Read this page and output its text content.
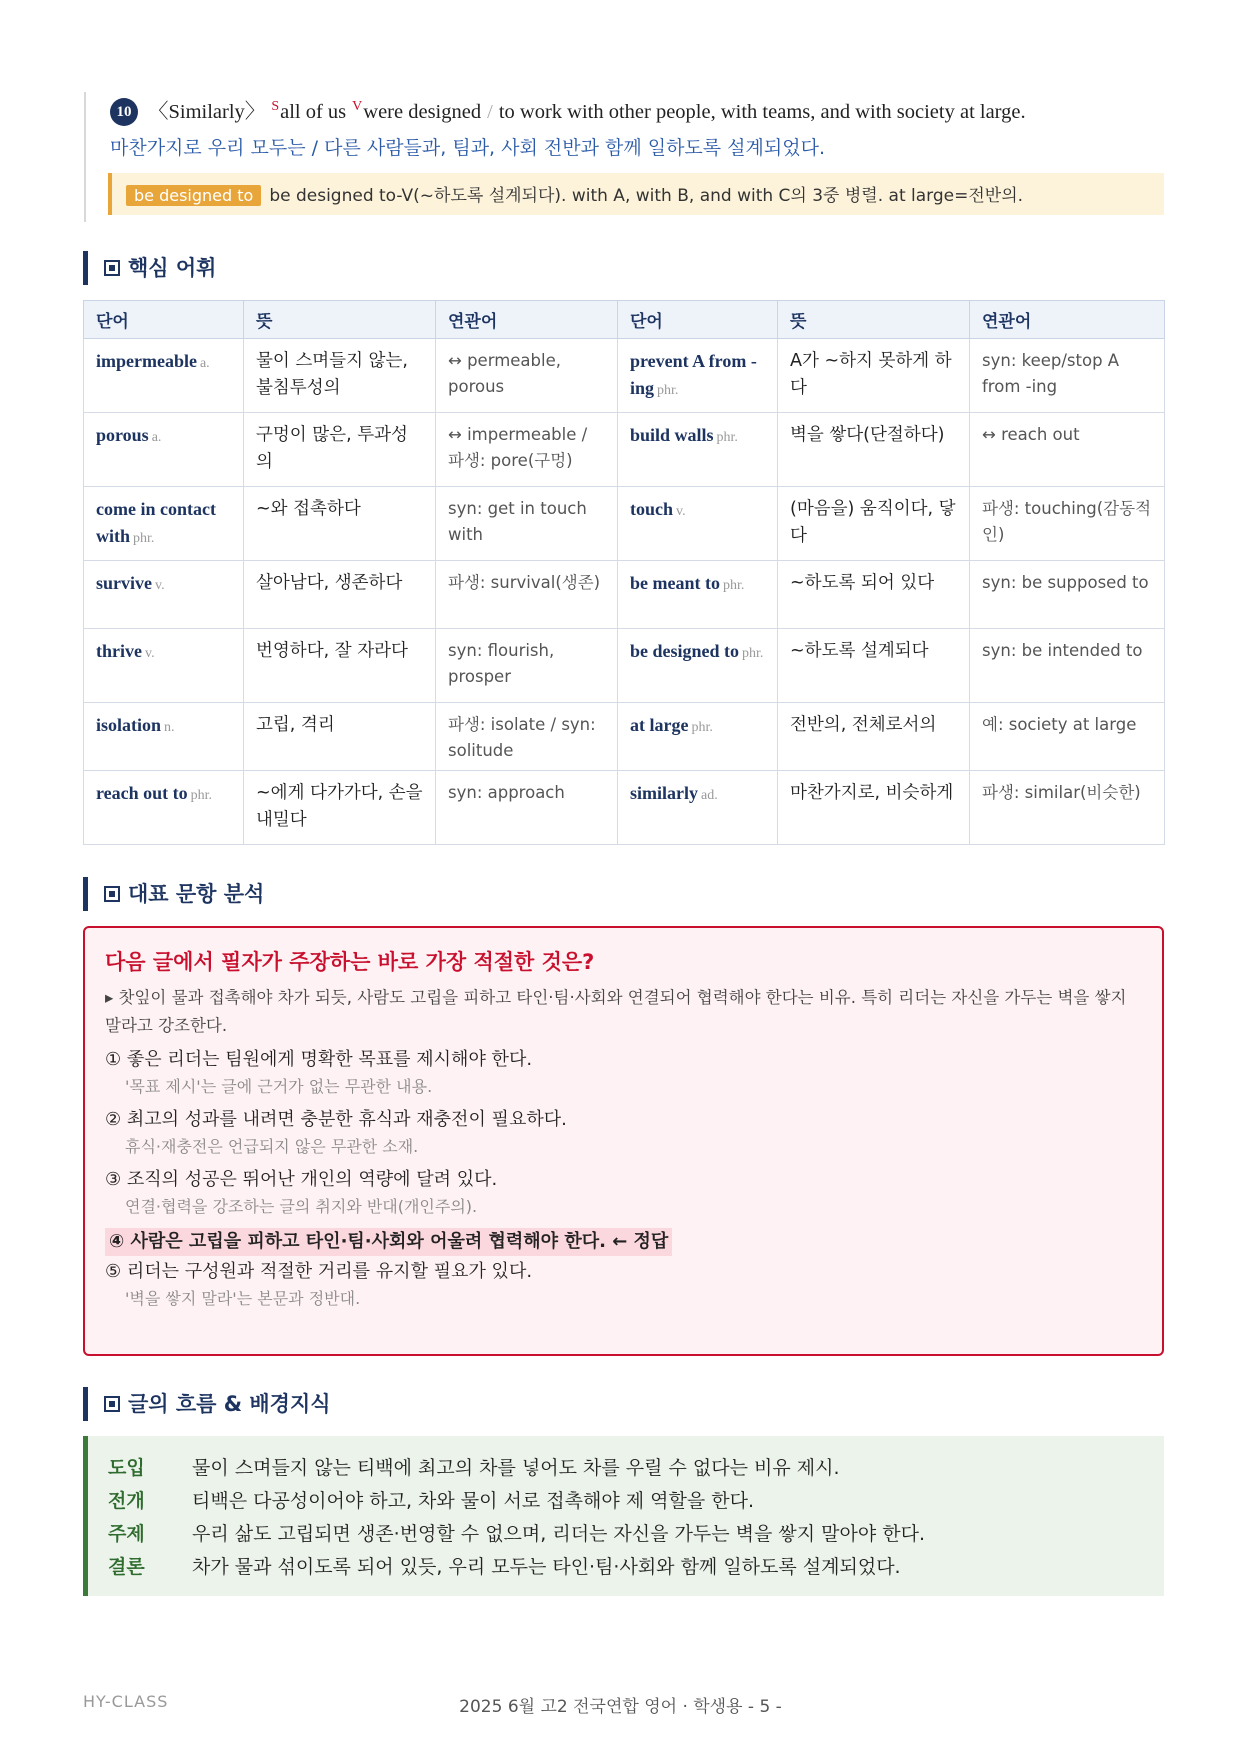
10 〈Similarly〉 $^S$all of us $^V$were designed / to work with other people, with teams, and with society at large.
마찬가지로 우리 모두는 / 다른 사람들과, 팀과, 사회 전반과 함께 일하도록 설계되었다.
be designed to be designed to-V(~하도록 설계되다). with A, with B, and with C의 3중 병렬. at large=전반의.
핵심 어휘
단어	뜻	연관어	단어	뜻	연관어
impermeable a.	물이 스며들지 않는, 불침투성의	↔ permeable, porous	prevent A from -ing phr.	A가 ~하지 못하게 하다	syn: keep/stop A from -ing
porous a.	구멍이 많은, 투과성의	↔ impermeable / 파생: pore(구멍)	build walls phr.	벽을 쌓다(단절하다)	↔ reach out
come in contact with phr.	~와 접촉하다	syn: get in touch with	touch v.	(마음을) 움직이다, 닿다	파생: touching(감동적인)
survive v.	살아남다, 생존하다	파생: survival(생존)	be meant to phr.	~하도록 되어 있다	syn: be supposed to
thrive v.	번영하다, 잘 자라다	syn: flourish, prosper	be designed to phr.	~하도록 설계되다	syn: be intended to
isolation n.	고립, 격리	파생: isolate / syn: solitude	at large phr.	전반의, 전체로서의	예: society at large
reach out to phr.	~에게 다가가다, 손을 내밀다	syn: approach	similarly ad.	마찬가지로, 비슷하게	파생: similar(비슷한)
대표 문항 분석
다음 글에서 필자가 주장하는 바로 가장 적절한 것은?
▸ 찻잎이 물과 접촉해야 차가 되듯, 사람도 고립을 피하고 타인·팀·사회와 연결되어 협력해야 한다는 비유. 특히 리더는 자신을 가두는 벽을 쌓지 말라고 강조한다.
① 좋은 리더는 팀원에게 명확한 목표를 제시해야 한다.
'목표 제시'는 글에 근거가 없는 무관한 내용.
② 최고의 성과를 내려면 충분한 휴식과 재충전이 필요하다.
휴식·재충전은 언급되지 않은 무관한 소재.
③ 조직의 성공은 뛰어난 개인의 역량에 달려 있다.
연결·협력을 강조하는 글의 취지와 반대(개인주의).
④ 사람은 고립을 피하고 타인·팀·사회와 어울려 협력해야 한다. ← 정답
⑤ 리더는 구성원과 적절한 거리를 유지할 필요가 있다.
'벽을 쌓지 말라'는 본문과 정반대.
글의 흐름 & 배경지식
도입 물이 스며들지 않는 티백에 최고의 차를 넣어도 차를 우릴 수 없다는 비유 제시.
전개 티백은 다공성이어야 하고, 차와 물이 서로 접촉해야 제 역할을 한다.
주제 우리 삶도 고립되면 생존·번영할 수 없으며, 리더는 자신을 가두는 벽을 쌓지 말아야 한다.
결론 차가 물과 섞이도록 되어 있듯, 우리 모두는 타인·팀·사회와 함께 일하도록 설계되었다.
2025 6월 고2 전국연합 영어 · 학생용 - 5 -
HY-CLASS
